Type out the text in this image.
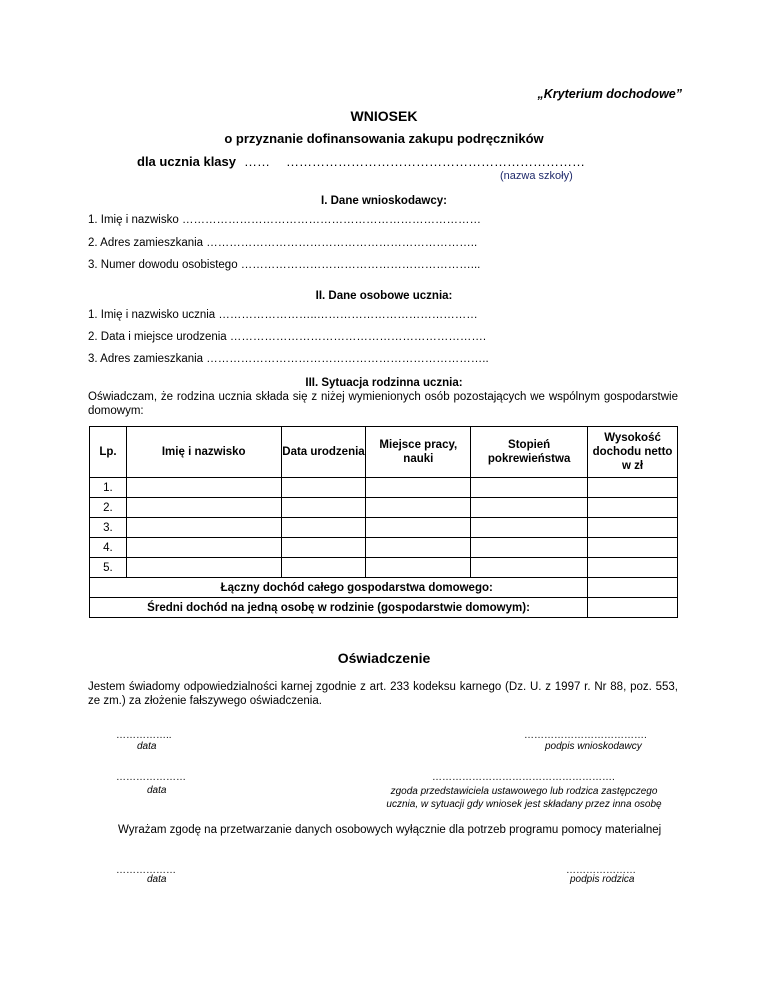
„Kryterium dochodowe”
WNIOSEK
o przyznanie dofinansowania zakupu podręczników
dla ucznia klasy …… ……………………………………………………………
(nazwa szkoły)
I. Dane wnioskodawcy:
1. Imię i nazwisko ……………………………………………………………………
2. Adres zamieszkania ……………………………………………………………..
3. Numer dowodu osobistego ……………………………………………………...
II. Dane osobowe ucznia:
1. Imię i nazwisko ucznia ……………………..……………………………………
2. Data i miejsce urodzenia ………………………………………………………….
3. Adres zamieszkania ………………………………………………………………..
III. Sytuacja rodzinna ucznia:
Oświadczam, że rodzina ucznia składa się z niżej wymienionych osób pozostających we wspólnym gospodarstwie domowym:
Lp.	Imię i nazwisko	Data urodzenia	Miejsce pracy, nauki	Stopień pokrewieństwa	Wysokość dochodu netto w zł
1.					
2.					
3.					
4.					
5.					
	Łączny dochód całego gospodarstwa domowego:				
Średni dochód na jedną osobę w rodzinie (gospodarstwie domowym):					
Oświadczenie
Jestem świadomy odpowiedzialności karnej zgodnie z art. 233 kodeksu karnego (Dz. U. z 1997 r. Nr 88, poz. 553, ze zm.) za złożenie fałszywego oświadczenia.
……………..
data
……………………………….
podpis wnioskodawcy
…………………
data
……………………………………………….
zgoda przedstawiciela ustawowego lub rodzica zastępczego
ucznia, w sytuacji gdy wniosek jest składany przez inna osobę
Wyrażam zgodę na przetwarzanie danych osobowych wyłącznie dla potrzeb programu pomocy materialnej
………………
data
…………………
podpis rodzica
